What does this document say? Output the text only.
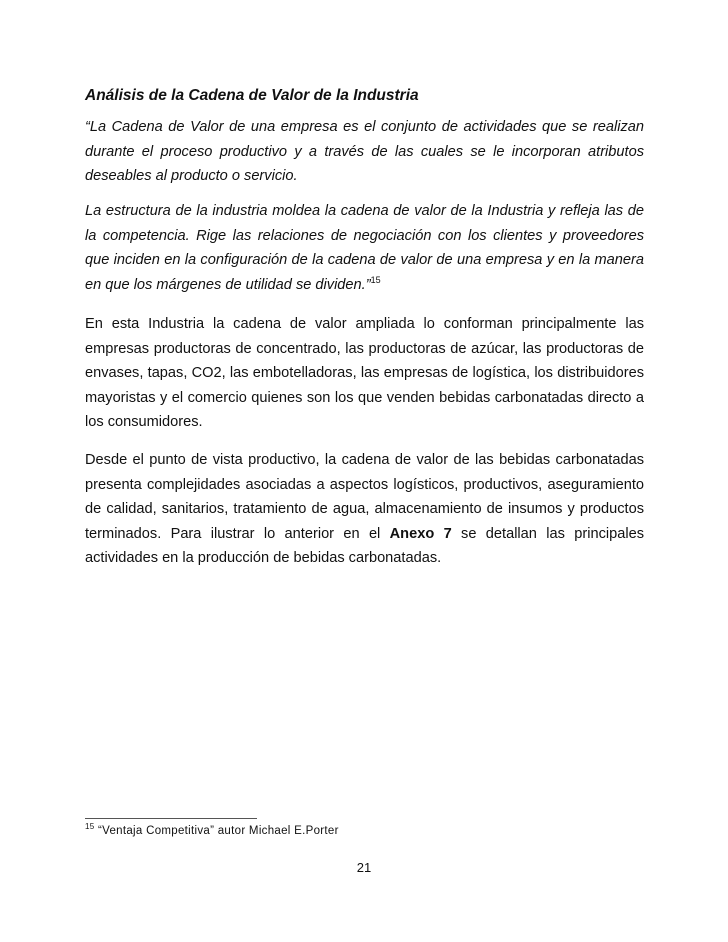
Análisis de la Cadena de Valor de la Industria

“La Cadena de Valor de una empresa es el conjunto de actividades que se realizan durante el proceso productivo y a través de las cuales se le incorporan atributos deseables al producto o servicio.

La estructura de la industria moldea la cadena de valor de la Industria y refleja las de la competencia. Rige las relaciones de negociación con los clientes y proveedores que inciden en la configuración de la cadena de valor de una empresa y en la manera en que los márgenes de utilidad se dividen.”$^{15}$

En esta Industria la cadena de valor ampliada lo conforman principalmente las empresas productoras de concentrado, las productoras de azúcar, las productoras de envases, tapas, CO2, las embotelladoras, las empresas de logística, los distribuidores mayoristas y el comercio quienes son los que venden bebidas carbonatadas directo a los consumidores.

Desde el punto de vista productivo, la cadena de valor de las bebidas carbonatadas presenta complejidades asociadas a aspectos logísticos, productivos, aseguramiento de calidad, sanitarios, tratamiento de agua, almacenamiento de insumos y productos terminados. Para ilustrar lo anterior en el Anexo 7 se detallan las principales actividades en la producción de bebidas carbonatadas.

$^{15}$ “Ventaja Competitiva” autor Michael E.Porter

21
